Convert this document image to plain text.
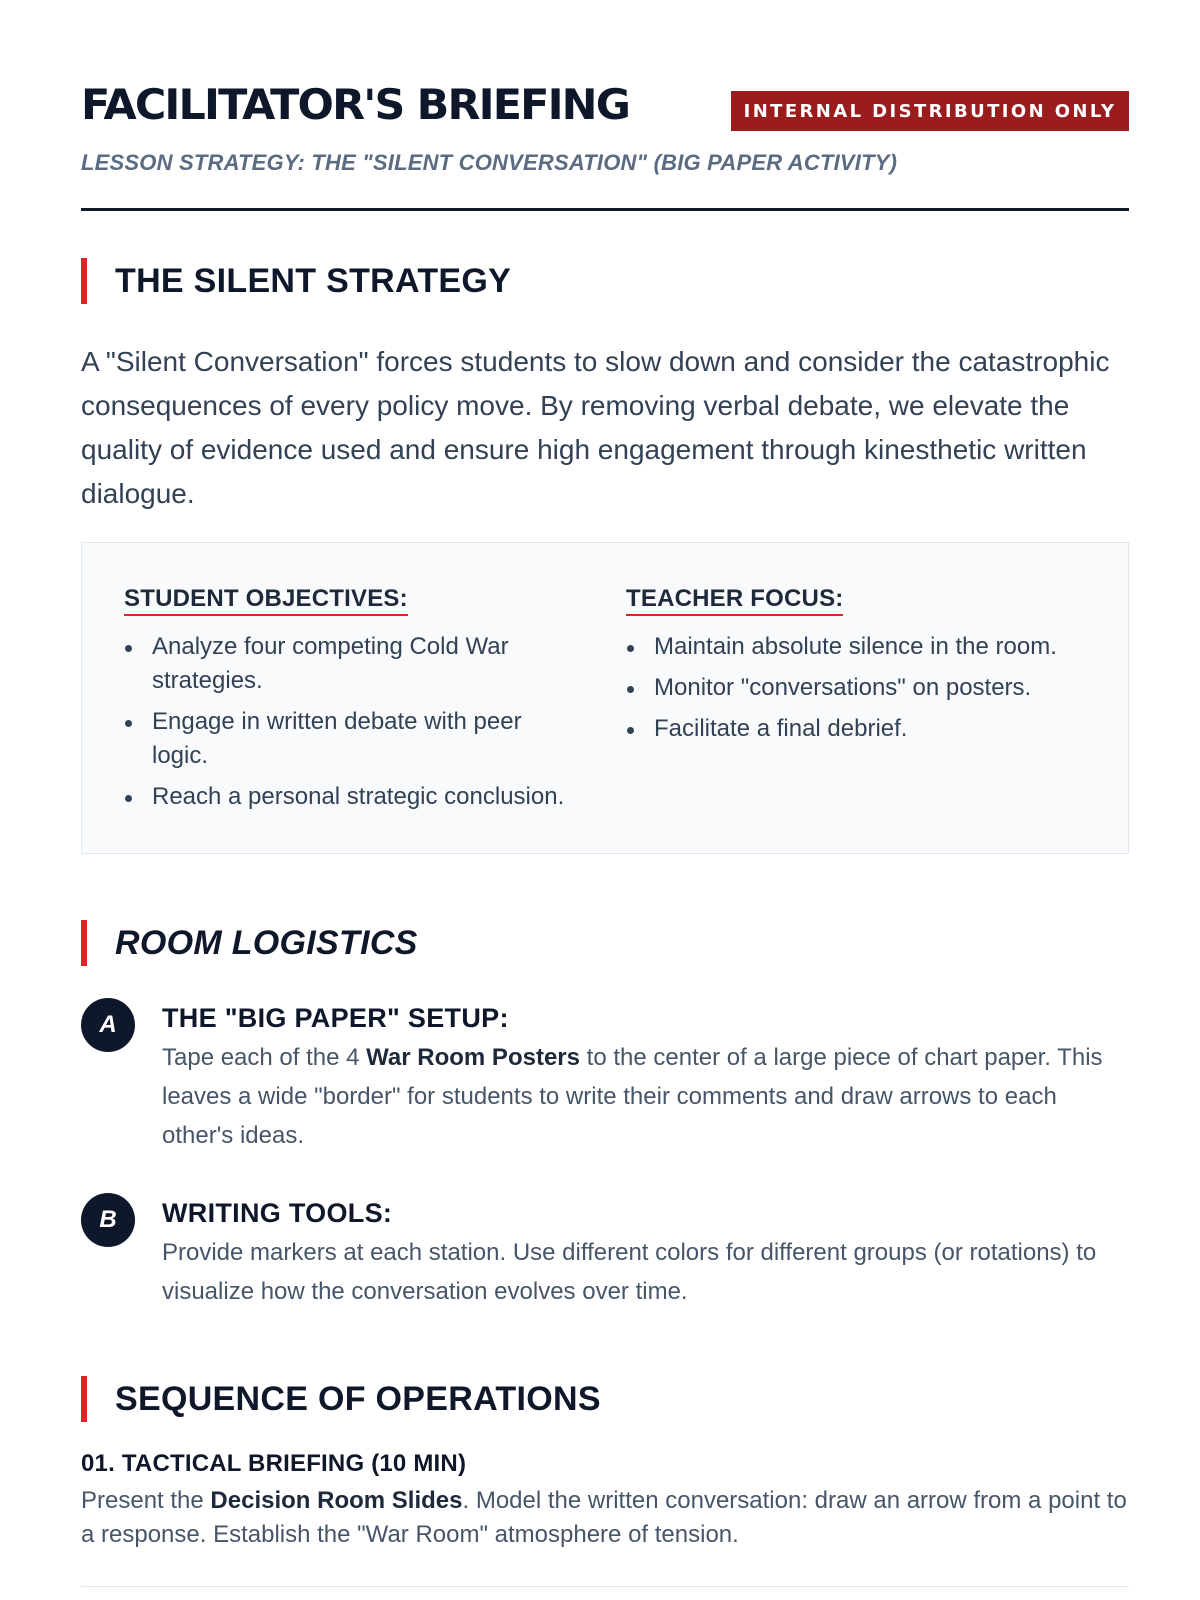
FACILITATOR'S BRIEFING	INTERNAL DISTRIBUTION ONLY

LESSON STRATEGY: THE "SILENT CONVERSATION" (BIG PAPER ACTIVITY)

THE SILENT STRATEGY

A "Silent Conversation" forces students to slow down and consider the catastrophic consequences of every policy move. By removing verbal debate, we elevate the quality of evidence used and ensure high engagement through kinesthetic written dialogue.

STUDENT OBJECTIVES:
Analyze four competing Cold War strategies.
Engage in written debate with peer logic.
Reach a personal strategic conclusion.
TEACHER FOCUS:
Maintain absolute silence in the room.
Monitor "conversations" on posters.
Facilitate a final debrief.
ROOM LOGISTICS
A	THE "BIG PAPER" SETUP:

Tape each of the 4 War Room Posters to the center of a large piece of chart paper. This leaves a wide "border" for students to write their comments and draw arrows to each other's ideas.

B	WRITING TOOLS:

Provide markers at each station. Use different colors for different groups (or rotations) to visualize how the conversation evolves over time.

SEQUENCE OF OPERATIONS
01. TACTICAL BRIEFING (10 MIN)

Present the Decision Room Slides. Model the written conversation: draw an arrow from a point to a response. Establish the "War Room" atmosphere of tension.
